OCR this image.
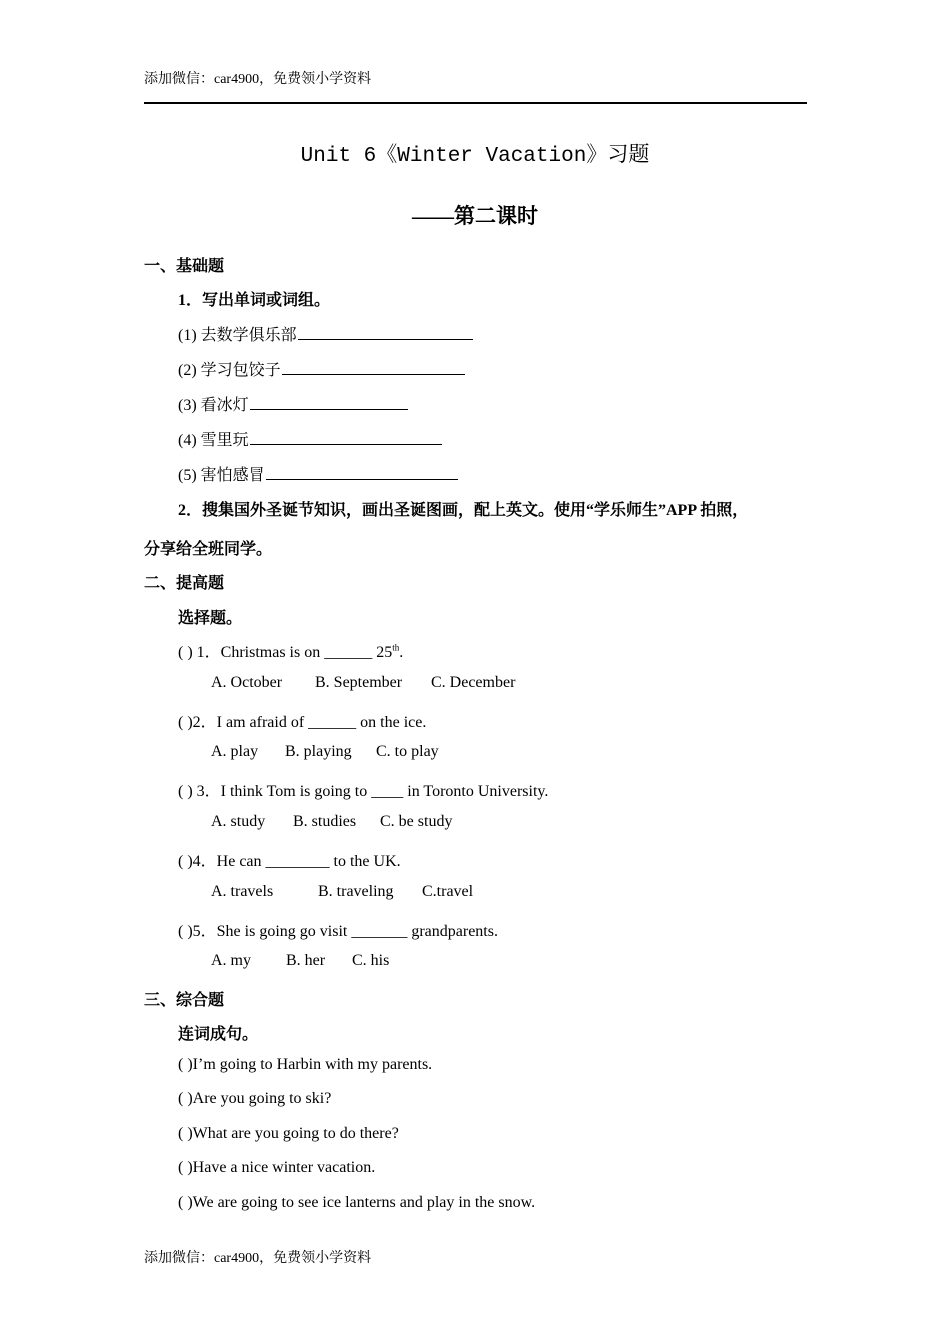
添加微信：car4900，免费领小学资料
Unit 6《Winter Vacation》习题
——第二课时
一、基础题
1．写出单词或词组。
(1) 去数学俱乐部
(2) 学习包饺子
(3) 看冰灯
(4) 雪里玩
(5) 害怕感冒
2．搜集国外圣诞节知识，画出圣诞图画，配上英文。使用“学乐师生”APP 拍照，
分享给全班同学。
二、提高题
选择题。
( ) 1．Christmas is on ______ 25th.
A. October B. September C. December
( )2．I am afraid of ______ on the ice.
A. play B. playing C. to play
( ) 3．I think Tom is going to ____ in Toronto University.
A. study B. studies C. be study
( )4．He can ________ to the UK.
A. travels	B. traveling C.travel
( )5．She is going go visit _______ grandparents.
A. my B. her C. his
三、综合题
连词成句。
( )I’m going to Harbin with my parents.
( )Are you going to ski?
( )What are you going to do there?
( )Have a nice winter vacation.
( )We are going to see ice lanterns and play in the snow.
添加微信：car4900，免费领小学资料
